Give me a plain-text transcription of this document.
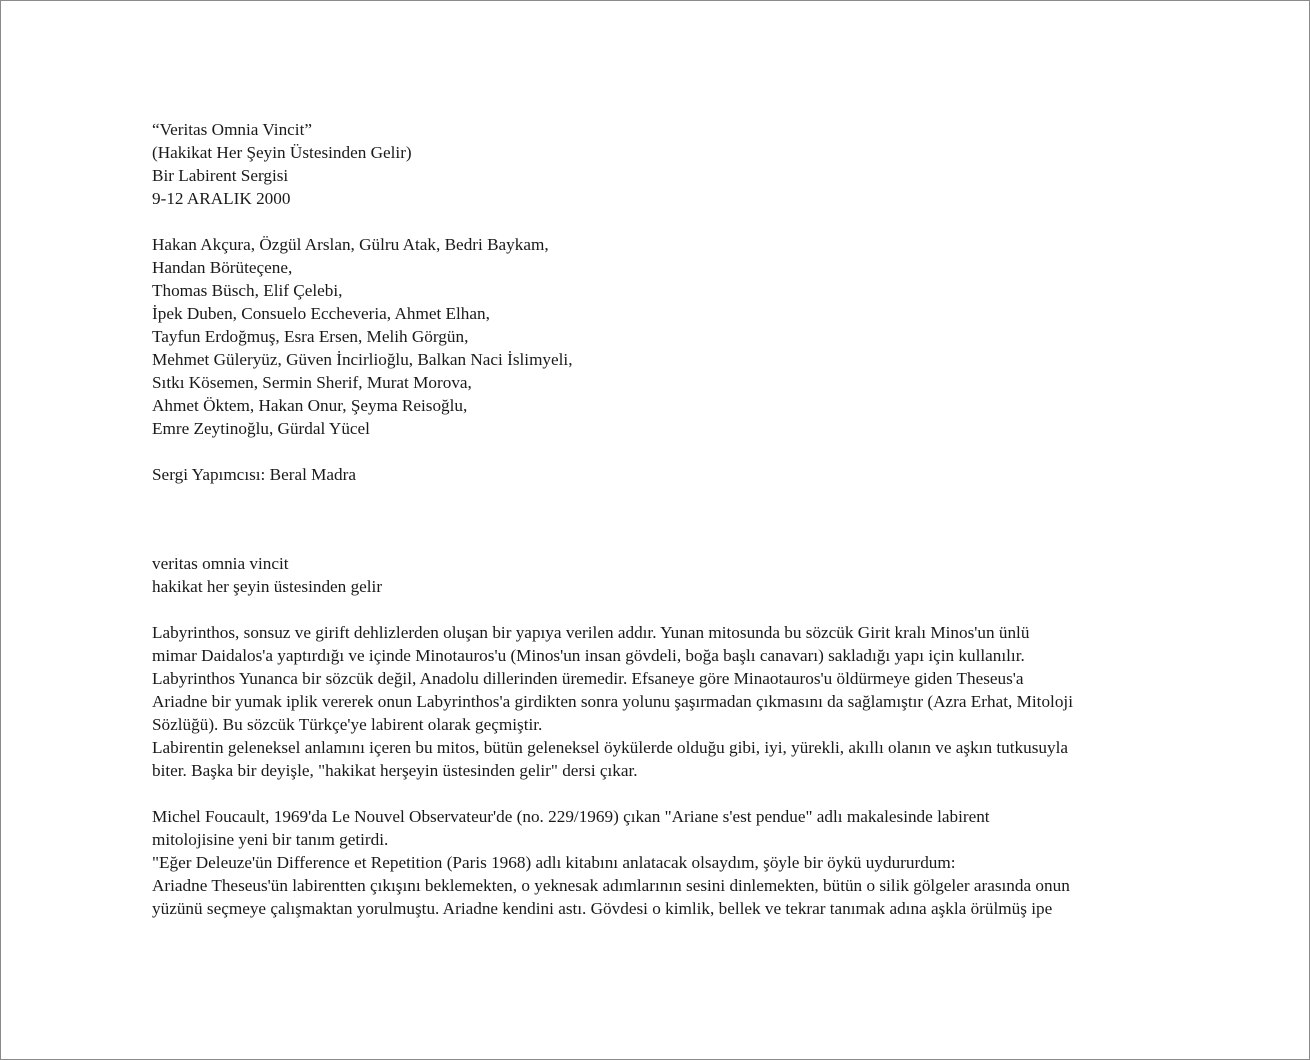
“Veritas Omnia Vincit”
(Hakikat Her Şeyin Üstesinden Gelir)
Bir Labirent Sergisi
9-12 ARALIK 2000
Hakan Akçura, Özgül Arslan, Gülru Atak, Bedri Baykam,
Handan Börüteçene,
Thomas Büsch, Elif Çelebi,
İpek Duben, Consuelo Eccheveria, Ahmet Elhan,
Tayfun Erdoğmuş, Esra Ersen, Melih Görgün,
Mehmet Güleryüz, Güven İncirlioğlu, Balkan Naci İslimyeli,
Sıtkı Kösemen, Sermin Sherif, Murat Morova,
Ahmet Öktem, Hakan Onur, Şeyma Reisoğlu,
Emre Zeytinoğlu, Gürdal Yücel
Sergi Yapımcısı: Beral Madra
veritas omnia vincit
hakikat her şeyin üstesinden gelir
Labyrinthos, sonsuz ve girift dehlizlerden oluşan bir yapıya verilen addır. Yunan mitosunda bu sözcük Girit kralı Minos'un ünlü
mimar Daidalos'a yaptırdığı ve içinde Minotauros'u (Minos'un insan gövdeli, boğa başlı canavarı) sakladığı yapı için kullanılır.
Labyrinthos Yunanca bir sözcük değil, Anadolu dillerinden üremedir. Efsaneye göre Minaotauros'u öldürmeye giden Theseus'a
Ariadne bir yumak iplik vererek onun Labyrinthos'a girdikten sonra yolunu şaşırmadan çıkmasını da sağlamıştır (Azra Erhat, Mitoloji
Sözlüğü). Bu sözcük Türkçe'ye labirent olarak geçmiştir.
Labirentin geleneksel anlamını içeren bu mitos, bütün geleneksel öykülerde olduğu gibi, iyi, yürekli, akıllı olanın ve aşkın tutkusuyla
biter. Başka bir deyişle, "hakikat herşeyin üstesinden gelir" dersi çıkar.
Michel Foucault, 1969'da Le Nouvel Observateur'de (no. 229/1969) çıkan "Ariane s'est pendue" adlı makalesinde labirent
mitolojisine yeni bir tanım getirdi.
"Eğer Deleuze'ün Difference et Repetition (Paris 1968) adlı kitabını anlatacak olsaydım, şöyle bir öykü uydururdum:
Ariadne Theseus'ün labirentten çıkışını beklemekten, o yeknesak adımlarının sesini dinlemekten, bütün o silik gölgeler arasında onun
yüzünü seçmeye çalışmaktan yorulmuştu. Ariadne kendini astı. Gövdesi o kimlik, bellek ve tekrar tanımak adına aşkla örülmüş ipe
